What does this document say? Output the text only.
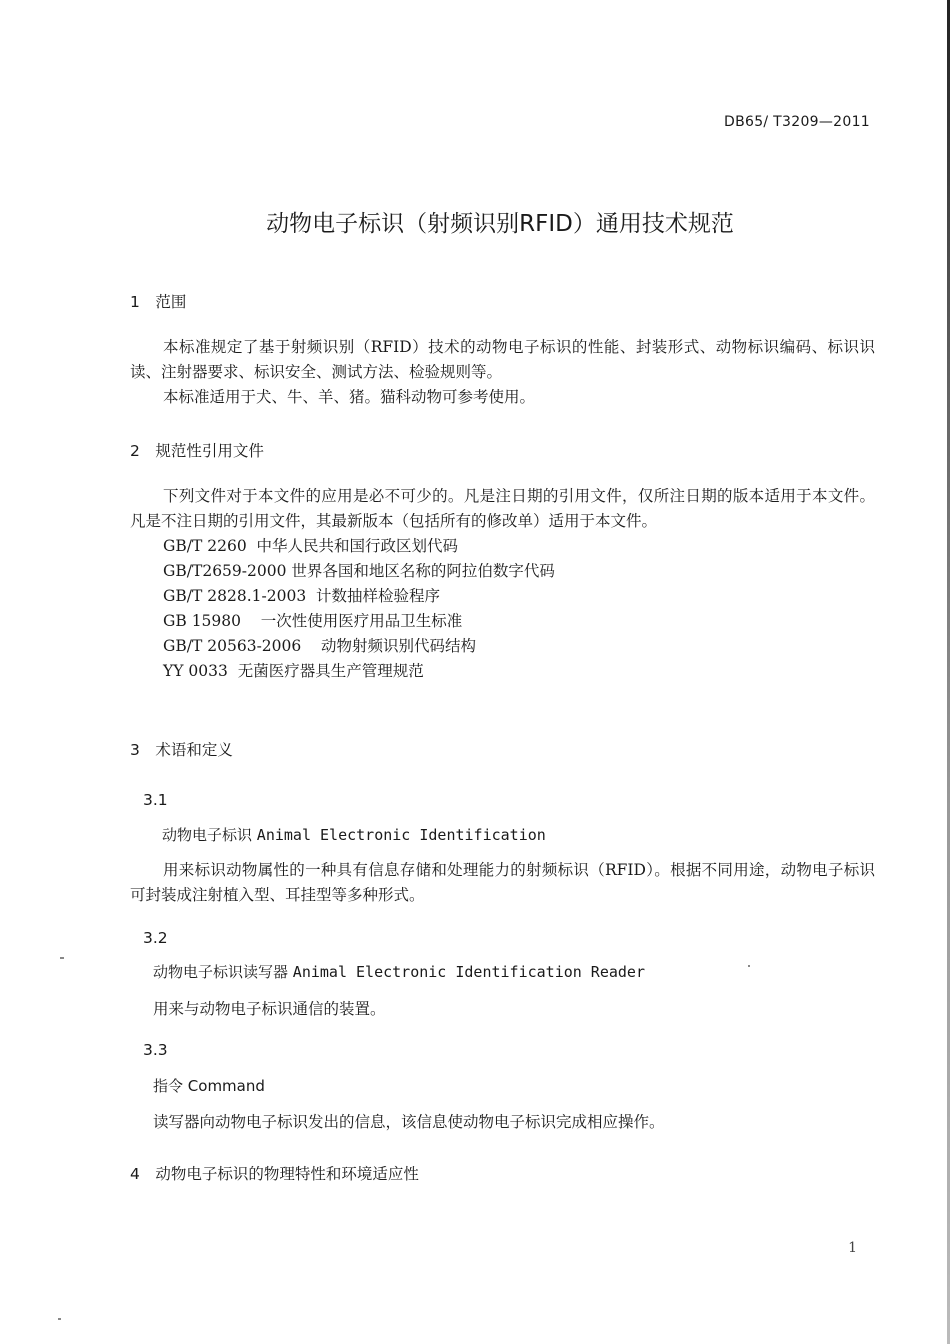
DB65/ T3209—2011
动物电子标识（射频识别RFID）通用技术规范
1　范围
本标准规定了基于射频识别（RFID）技术的动物电子标识的性能、封装形式、动物标识编码、标识识读、注射器要求、标识安全、测试方法、检验规则等。
本标准适用于犬、牛、羊、猪。猫科动物可参考使用。
2　规范性引用文件
下列文件对于本文件的应用是必不可少的。凡是注日期的引用文件，仅所注日期的版本适用于本文件。凡是不注日期的引用文件，其最新版本（包括所有的修改单）适用于本文件。
GB/T 2260  中华人民共和国行政区划代码
GB/T2659-2000 世界各国和地区名称的阿拉伯数字代码
GB/T 2828.1-2003  计数抽样检验程序
GB 15980    一次性使用医疗用品卫生标准
GB/T 20563-2006    动物射频识别代码结构
YY 0033  无菌医疗器具生产管理规范
3　术语和定义
3.1
动物电子标识 Animal Electronic Identification
用来标识动物属性的一种具有信息存储和处理能力的射频标识（RFID）。根据不同用途，动物电子标识可封装成注射植入型、耳挂型等多种形式。
3.2
动物电子标识读写器 Animal Electronic Identification Reader
用来与动物电子标识通信的装置。
3.3
指令 Command
读写器向动物电子标识发出的信息，该信息使动物电子标识完成相应操作。
4　动物电子标识的物理特性和环境适应性
1
